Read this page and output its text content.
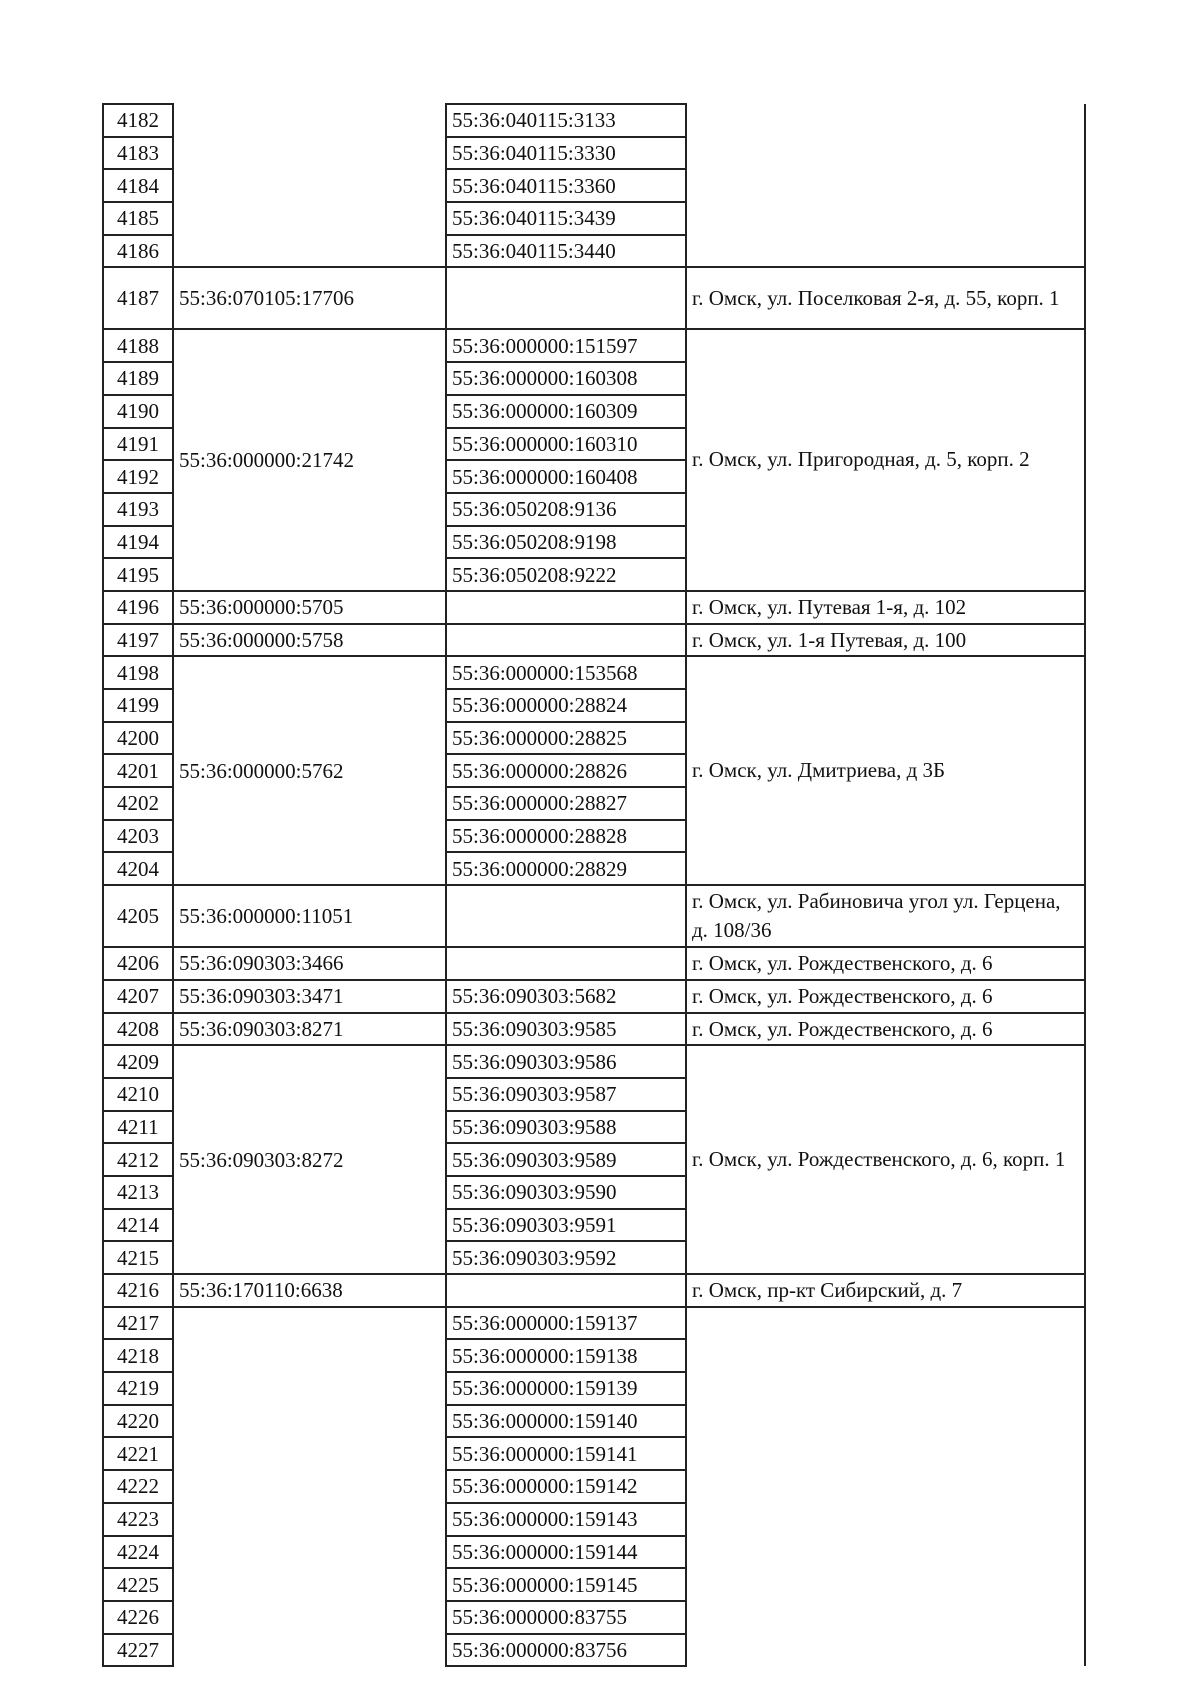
4182		55:36:040115:3133	
4183		55:36:040115:3330	
4184		55:36:040115:3360	
4185		55:36:040115:3439	
4186		55:36:040115:3440	
4187	55:36:070105:17706		г. Омск, ул. Поселковая 2-я, д. 55, корп. 1
4188	55:36:000000:21742	55:36:000000:151597	г. Омск, ул. Пригородная, д. 5, корп. 2
4189		55:36:000000:160308	
4190		55:36:000000:160309	
4191		55:36:000000:160310	
4192		55:36:000000:160408	
4193		55:36:050208:9136	
4194		55:36:050208:9198	
4195		55:36:050208:9222	
4196	55:36:000000:5705		г. Омск, ул. Путевая 1-я, д. 102
4197	55:36:000000:5758		г. Омск, ул. 1-я Путевая, д. 100
4198	55:36:000000:5762	55:36:000000:153568	г. Омск, ул. Дмитриева, д 3Б
4199		55:36:000000:28824	
4200		55:36:000000:28825	
4201		55:36:000000:28826	
4202		55:36:000000:28827	
4203		55:36:000000:28828	
4204		55:36:000000:28829	
4205	55:36:000000:11051		г. Омск, ул. Рабиновича угол ул. Герцена, д. 108/36
4206	55:36:090303:3466		г. Омск, ул. Рождественского, д. 6
4207	55:36:090303:3471	55:36:090303:5682	г. Омск, ул. Рождественского, д. 6
4208	55:36:090303:8271	55:36:090303:9585	г. Омск, ул. Рождественского, д. 6
4209	55:36:090303:8272	55:36:090303:9586	г. Омск, ул. Рождественского, д. 6, корп. 1
4210		55:36:090303:9587	
4211		55:36:090303:9588	
4212		55:36:090303:9589	
4213		55:36:090303:9590	
4214		55:36:090303:9591	
4215		55:36:090303:9592	
4216	55:36:170110:6638		г. Омск, пр-кт Сибирский, д. 7
4217		55:36:000000:159137	
4218		55:36:000000:159138	
4219		55:36:000000:159139	
4220		55:36:000000:159140	
4221		55:36:000000:159141	
4222		55:36:000000:159142	
4223		55:36:000000:159143	
4224		55:36:000000:159144	
4225		55:36:000000:159145	
4226		55:36:000000:83755	
4227		55:36:000000:83756	
